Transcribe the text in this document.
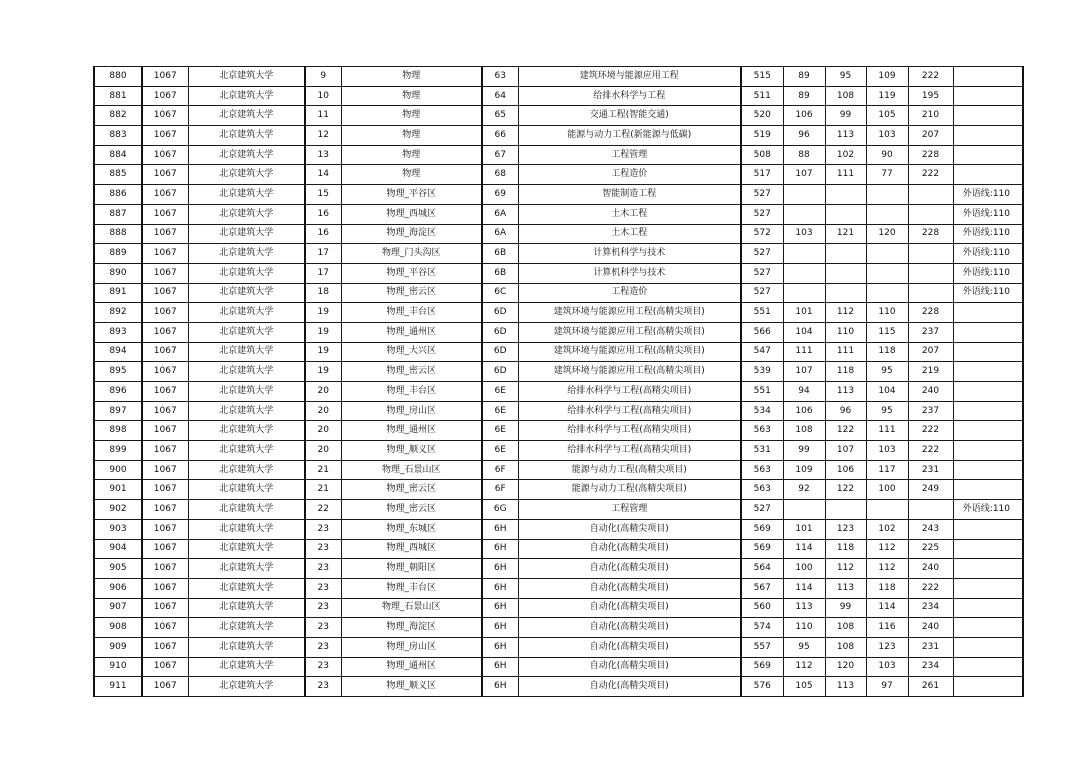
880	1067	北京建筑大学	9	物理	63	建筑环境与能源应用工程	515	89	95	109	222	
881	1067	北京建筑大学	10	物理	64	给排水科学与工程	511	89	108	119	195	
882	1067	北京建筑大学	11	物理	65	交通工程(智能交通)	520	106	99	105	210	
883	1067	北京建筑大学	12	物理	66	能源与动力工程(新能源与低碳)	519	96	113	103	207	
884	1067	北京建筑大学	13	物理	67	工程管理	508	88	102	90	228	
885	1067	北京建筑大学	14	物理	68	工程造价	517	107	111	77	222	
886	1067	北京建筑大学	15	物理_平谷区	69	智能制造工程	527					外语线:110
887	1067	北京建筑大学	16	物理_西城区	6A	土木工程	527					外语线:110
888	1067	北京建筑大学	16	物理_海淀区	6A	土木工程	572	103	121	120	228	外语线:110
889	1067	北京建筑大学	17	物理_门头沟区	6B	计算机科学与技术	527					外语线:110
890	1067	北京建筑大学	17	物理_平谷区	6B	计算机科学与技术	527					外语线:110
891	1067	北京建筑大学	18	物理_密云区	6C	工程造价	527					外语线:110
892	1067	北京建筑大学	19	物理_丰台区	6D	建筑环境与能源应用工程(高精尖项目)	551	101	112	110	228	
893	1067	北京建筑大学	19	物理_通州区	6D	建筑环境与能源应用工程(高精尖项目)	566	104	110	115	237	
894	1067	北京建筑大学	19	物理_大兴区	6D	建筑环境与能源应用工程(高精尖项目)	547	111	111	118	207	
895	1067	北京建筑大学	19	物理_密云区	6D	建筑环境与能源应用工程(高精尖项目)	539	107	118	95	219	
896	1067	北京建筑大学	20	物理_丰台区	6E	给排水科学与工程(高精尖项目)	551	94	113	104	240	
897	1067	北京建筑大学	20	物理_房山区	6E	给排水科学与工程(高精尖项目)	534	106	96	95	237	
898	1067	北京建筑大学	20	物理_通州区	6E	给排水科学与工程(高精尖项目)	563	108	122	111	222	
899	1067	北京建筑大学	20	物理_顺义区	6E	给排水科学与工程(高精尖项目)	531	99	107	103	222	
900	1067	北京建筑大学	21	物理_石景山区	6F	能源与动力工程(高精尖项目)	563	109	106	117	231	
901	1067	北京建筑大学	21	物理_密云区	6F	能源与动力工程(高精尖项目)	563	92	122	100	249	
902	1067	北京建筑大学	22	物理_密云区	6G	工程管理	527					外语线:110
903	1067	北京建筑大学	23	物理_东城区	6H	自动化(高精尖项目)	569	101	123	102	243	
904	1067	北京建筑大学	23	物理_西城区	6H	自动化(高精尖项目)	569	114	118	112	225	
905	1067	北京建筑大学	23	物理_朝阳区	6H	自动化(高精尖项目)	564	100	112	112	240	
906	1067	北京建筑大学	23	物理_丰台区	6H	自动化(高精尖项目)	567	114	113	118	222	
907	1067	北京建筑大学	23	物理_石景山区	6H	自动化(高精尖项目)	560	113	99	114	234	
908	1067	北京建筑大学	23	物理_海淀区	6H	自动化(高精尖项目)	574	110	108	116	240	
909	1067	北京建筑大学	23	物理_房山区	6H	自动化(高精尖项目)	557	95	108	123	231	
910	1067	北京建筑大学	23	物理_通州区	6H	自动化(高精尖项目)	569	112	120	103	234	
911	1067	北京建筑大学	23	物理_顺义区	6H	自动化(高精尖项目)	576	105	113	97	261	
